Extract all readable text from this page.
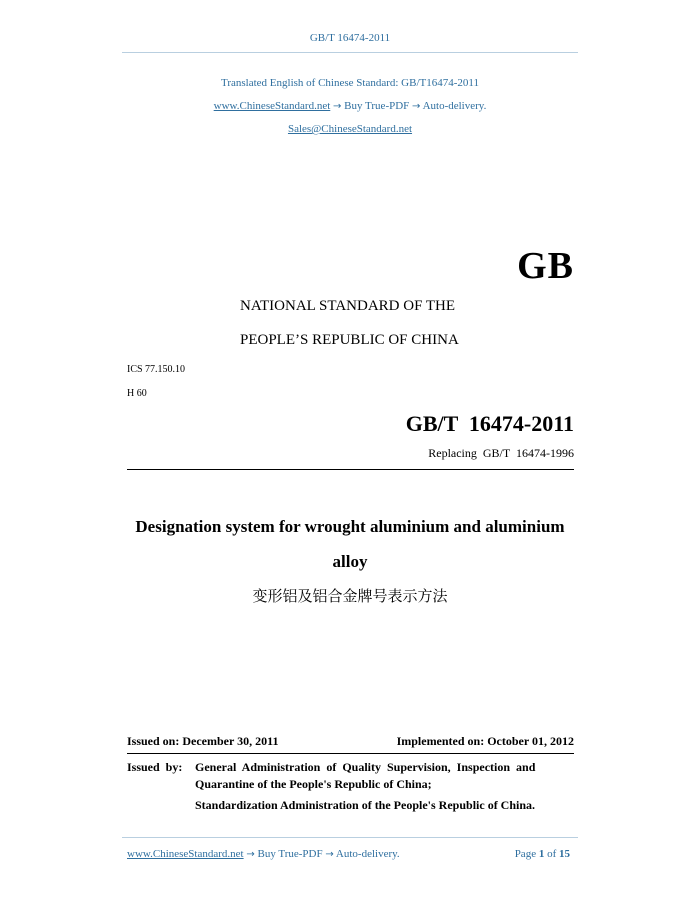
GB/T 16474-2011
Translated English of Chinese Standard: GB/T16474-2011
www.ChineseStandard.net → Buy True-PDF → Auto-delivery.
Sales@ChineseStandard.net
GB
NATIONAL STANDARD OF THE
PEOPLE’S REPUBLIC OF CHINA
ICS 77.150.10
H 60
GB/T  16474-2011
Replacing  GB/T  16474-1996
Designation system for wrought aluminium and aluminium
alloy
变形铝及铝合金牌号表示方法
Issued on: December 30, 2011	Implemented on: October 01, 2012
Issued  by: General  Administration  of  Quality  Supervision,  Inspection  and
Quarantine of the People's Republic of China;
Standardization Administration of the People's Republic of China.
www.ChineseStandard.net → Buy True-PDF → Auto-delivery.	Page 1 of 15
